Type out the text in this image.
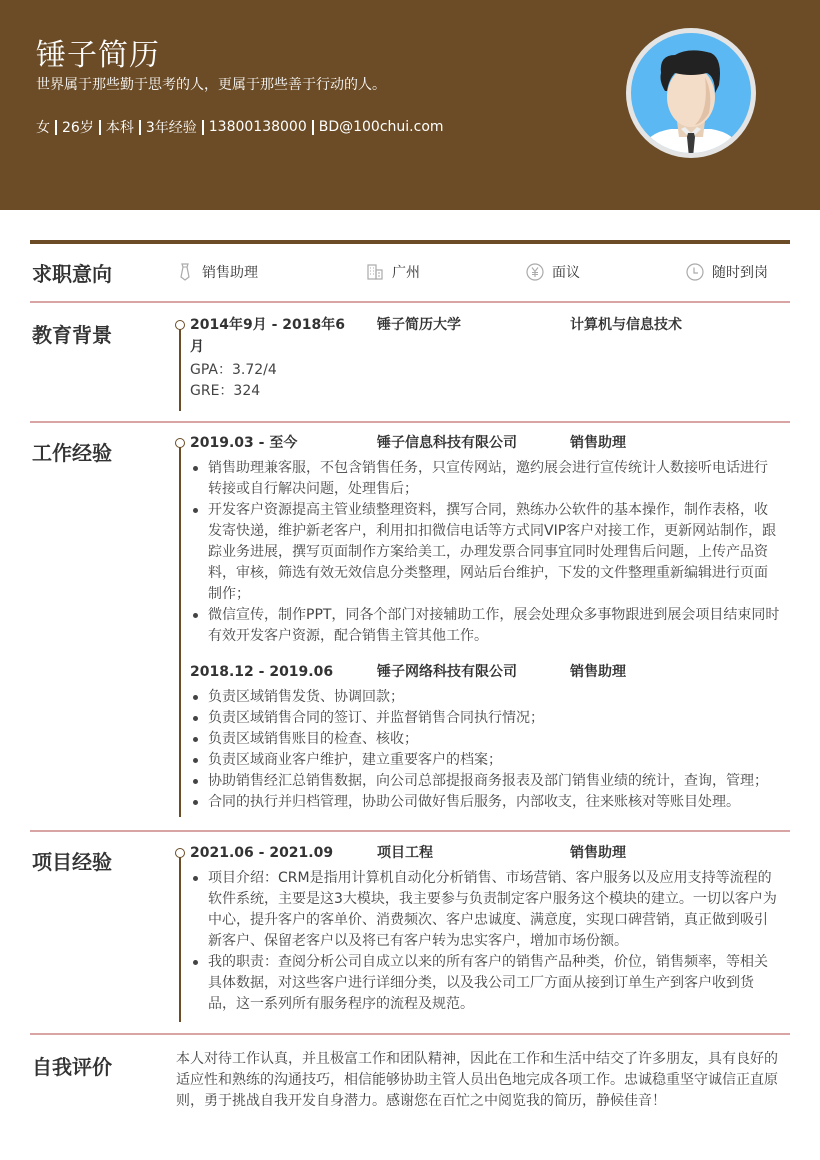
锤子简历
世界属于那些勤于思考的人，更属于那些善于行动的人。
女 26岁 本科 3年经验 13800138000 BD@100chui.com
求职意向	销售助理	广州	面议	随时到岗
教育背景	2014年9月 - 2018年6
月
锤子简历大学	计算机与信息技术
GPA：3.72/4
GRE：324
工作经验	2019.03 - 至今	锤子信息科技有限公司	销售助理
销售助理兼客服，不包含销售任务，只宣传网站，邀约展会进行宣传统计人数接听电话进行转接或自行解决问题，处理售后；
开发客户资源提高主管业绩整理资料，撰写合同，熟练办公软件的基本操作，制作表格，收发寄快递，维护新老客户，利用扣扣微信电话等方式同VIP客户对接工作，更新网站制作，跟踪业务进展，撰写页面制作方案给美工，办理发票合同事宜同时处理售后问题，上传产品资料，审核，筛选有效无效信息分类整理，网站后台维护，下发的文件整理重新编辑进行页面制作；
微信宣传，制作PPT，同各个部门对接辅助工作，展会处理众多事物跟进到展会项目结束同时有效开发客户资源，配合销售主管其他工作。
2018.12 - 2019.06	锤子网络科技有限公司	销售助理
负责区域销售发货、协调回款；
负责区域销售合同的签订、并监督销售合同执行情况；
负责区域销售账目的检查、核收；
负责区域商业客户维护，建立重要客户的档案；
协助销售经汇总销售数据，向公司总部提报商务报表及部门销售业绩的统计，查询，管理；
合同的执行并归档管理，协助公司做好售后服务，内部收支，往来账核对等账目处理。
项目经验	2021.06 - 2021.09	项目工程	销售助理
项目介绍：CRM是指用计算机自动化分析销售、市场营销、客户服务以及应用支持等流程的软件系统，主要是这3大模块，我主要参与负责制定客户服务这个模块的建立。一切以客户为中心，提升客户的客单价、消费频次、客户忠诚度、满意度，实现口碑营销，真正做到吸引新客户、保留老客户以及将已有客户转为忠实客户，增加市场份额。
我的职责：查阅分析公司自成立以来的所有客户的销售产品种类，价位，销售频率，等相关具体数据，对这些客户进行详细分类，以及我公司工厂方面从接到订单生产到客户收到货品，这一系列所有服务程序的流程及规范。
自我评价	本人对待工作认真，并且极富工作和团队精神，因此在工作和生活中结交了许多朋友，具有良好的适应性和熟练的沟通技巧，相信能够协助主管人员出色地完成各项工作。忠诚稳重坚守诚信正直原则，勇于挑战自我开发自身潜力。感谢您在百忙之中阅览我的简历，静候佳音！
